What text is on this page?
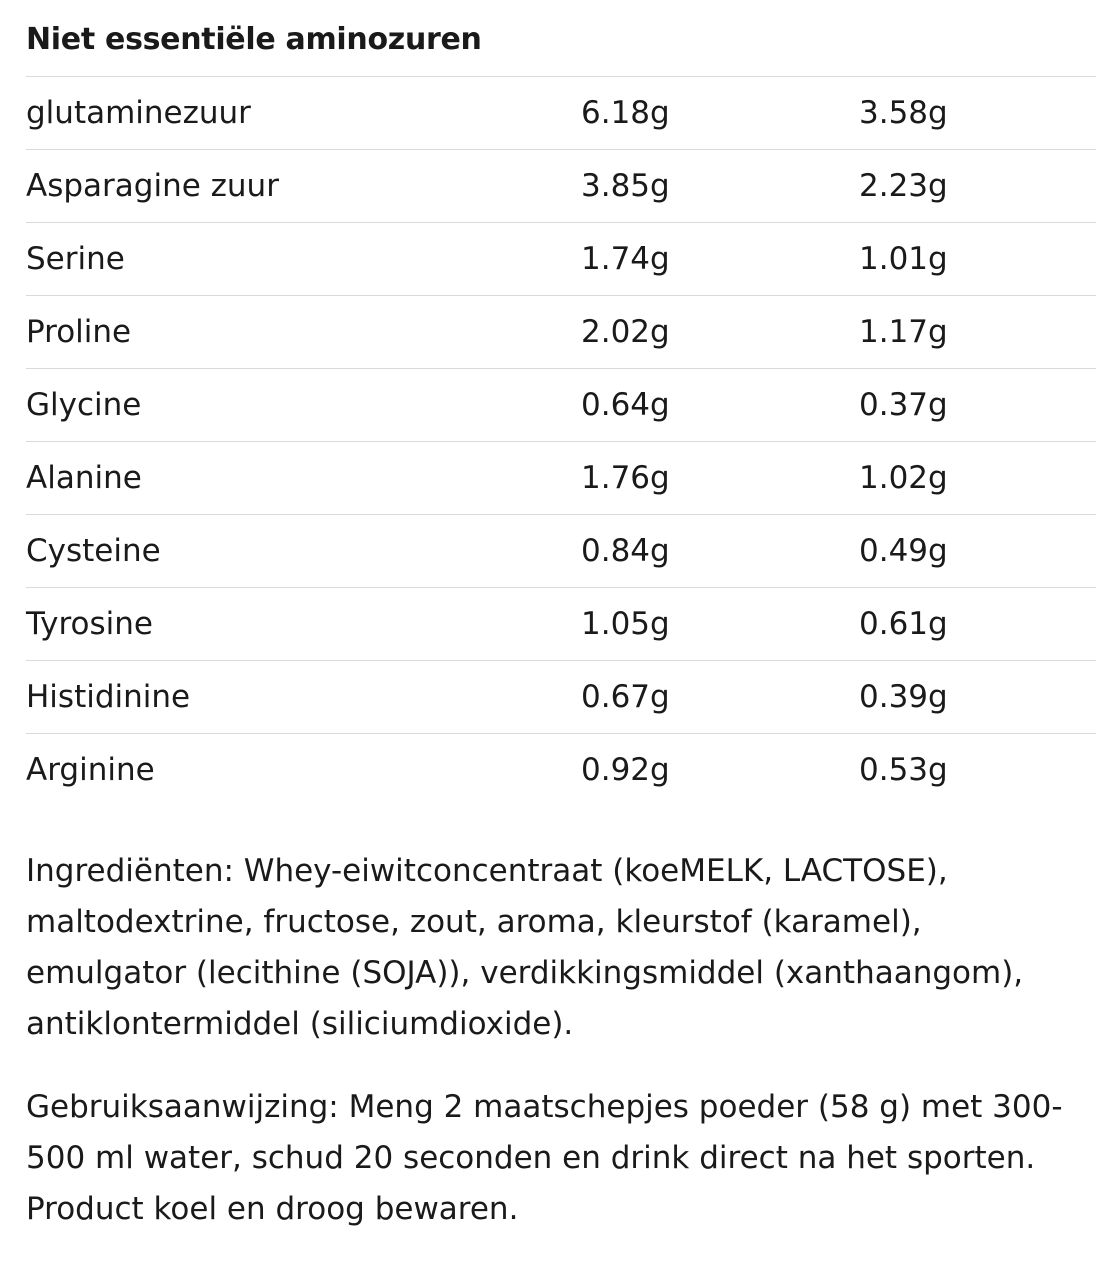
Niet essentiële aminozuren
glutaminezuur	6.18g	3.58g
Asparagine zuur	3.85g	2.23g
Serine	1.74g	1.01g
Proline	2.02g	1.17g
Glycine	0.64g	0.37g
Alanine	1.76g	1.02g
Cysteine	0.84g	0.49g
Tyrosine	1.05g	0.61g
Histidinine	0.67g	0.39g
Arginine	0.92g	0.53g

Ingrediënten: Whey-eiwitconcentraat (koeMELK, LACTOSE), maltodextrine, fructose, zout, aroma, kleurstof (karamel), emulgator (lecithine (SOJA)), verdikkingsmiddel (xanthaangom), antiklontermiddel (siliciumdioxide).

Gebruiksaanwijzing: Meng 2 maatschepjes poeder (58 g) met 300-500 ml water, schud 20 seconden en drink direct na het sporten. Product koel en droog bewaren.
